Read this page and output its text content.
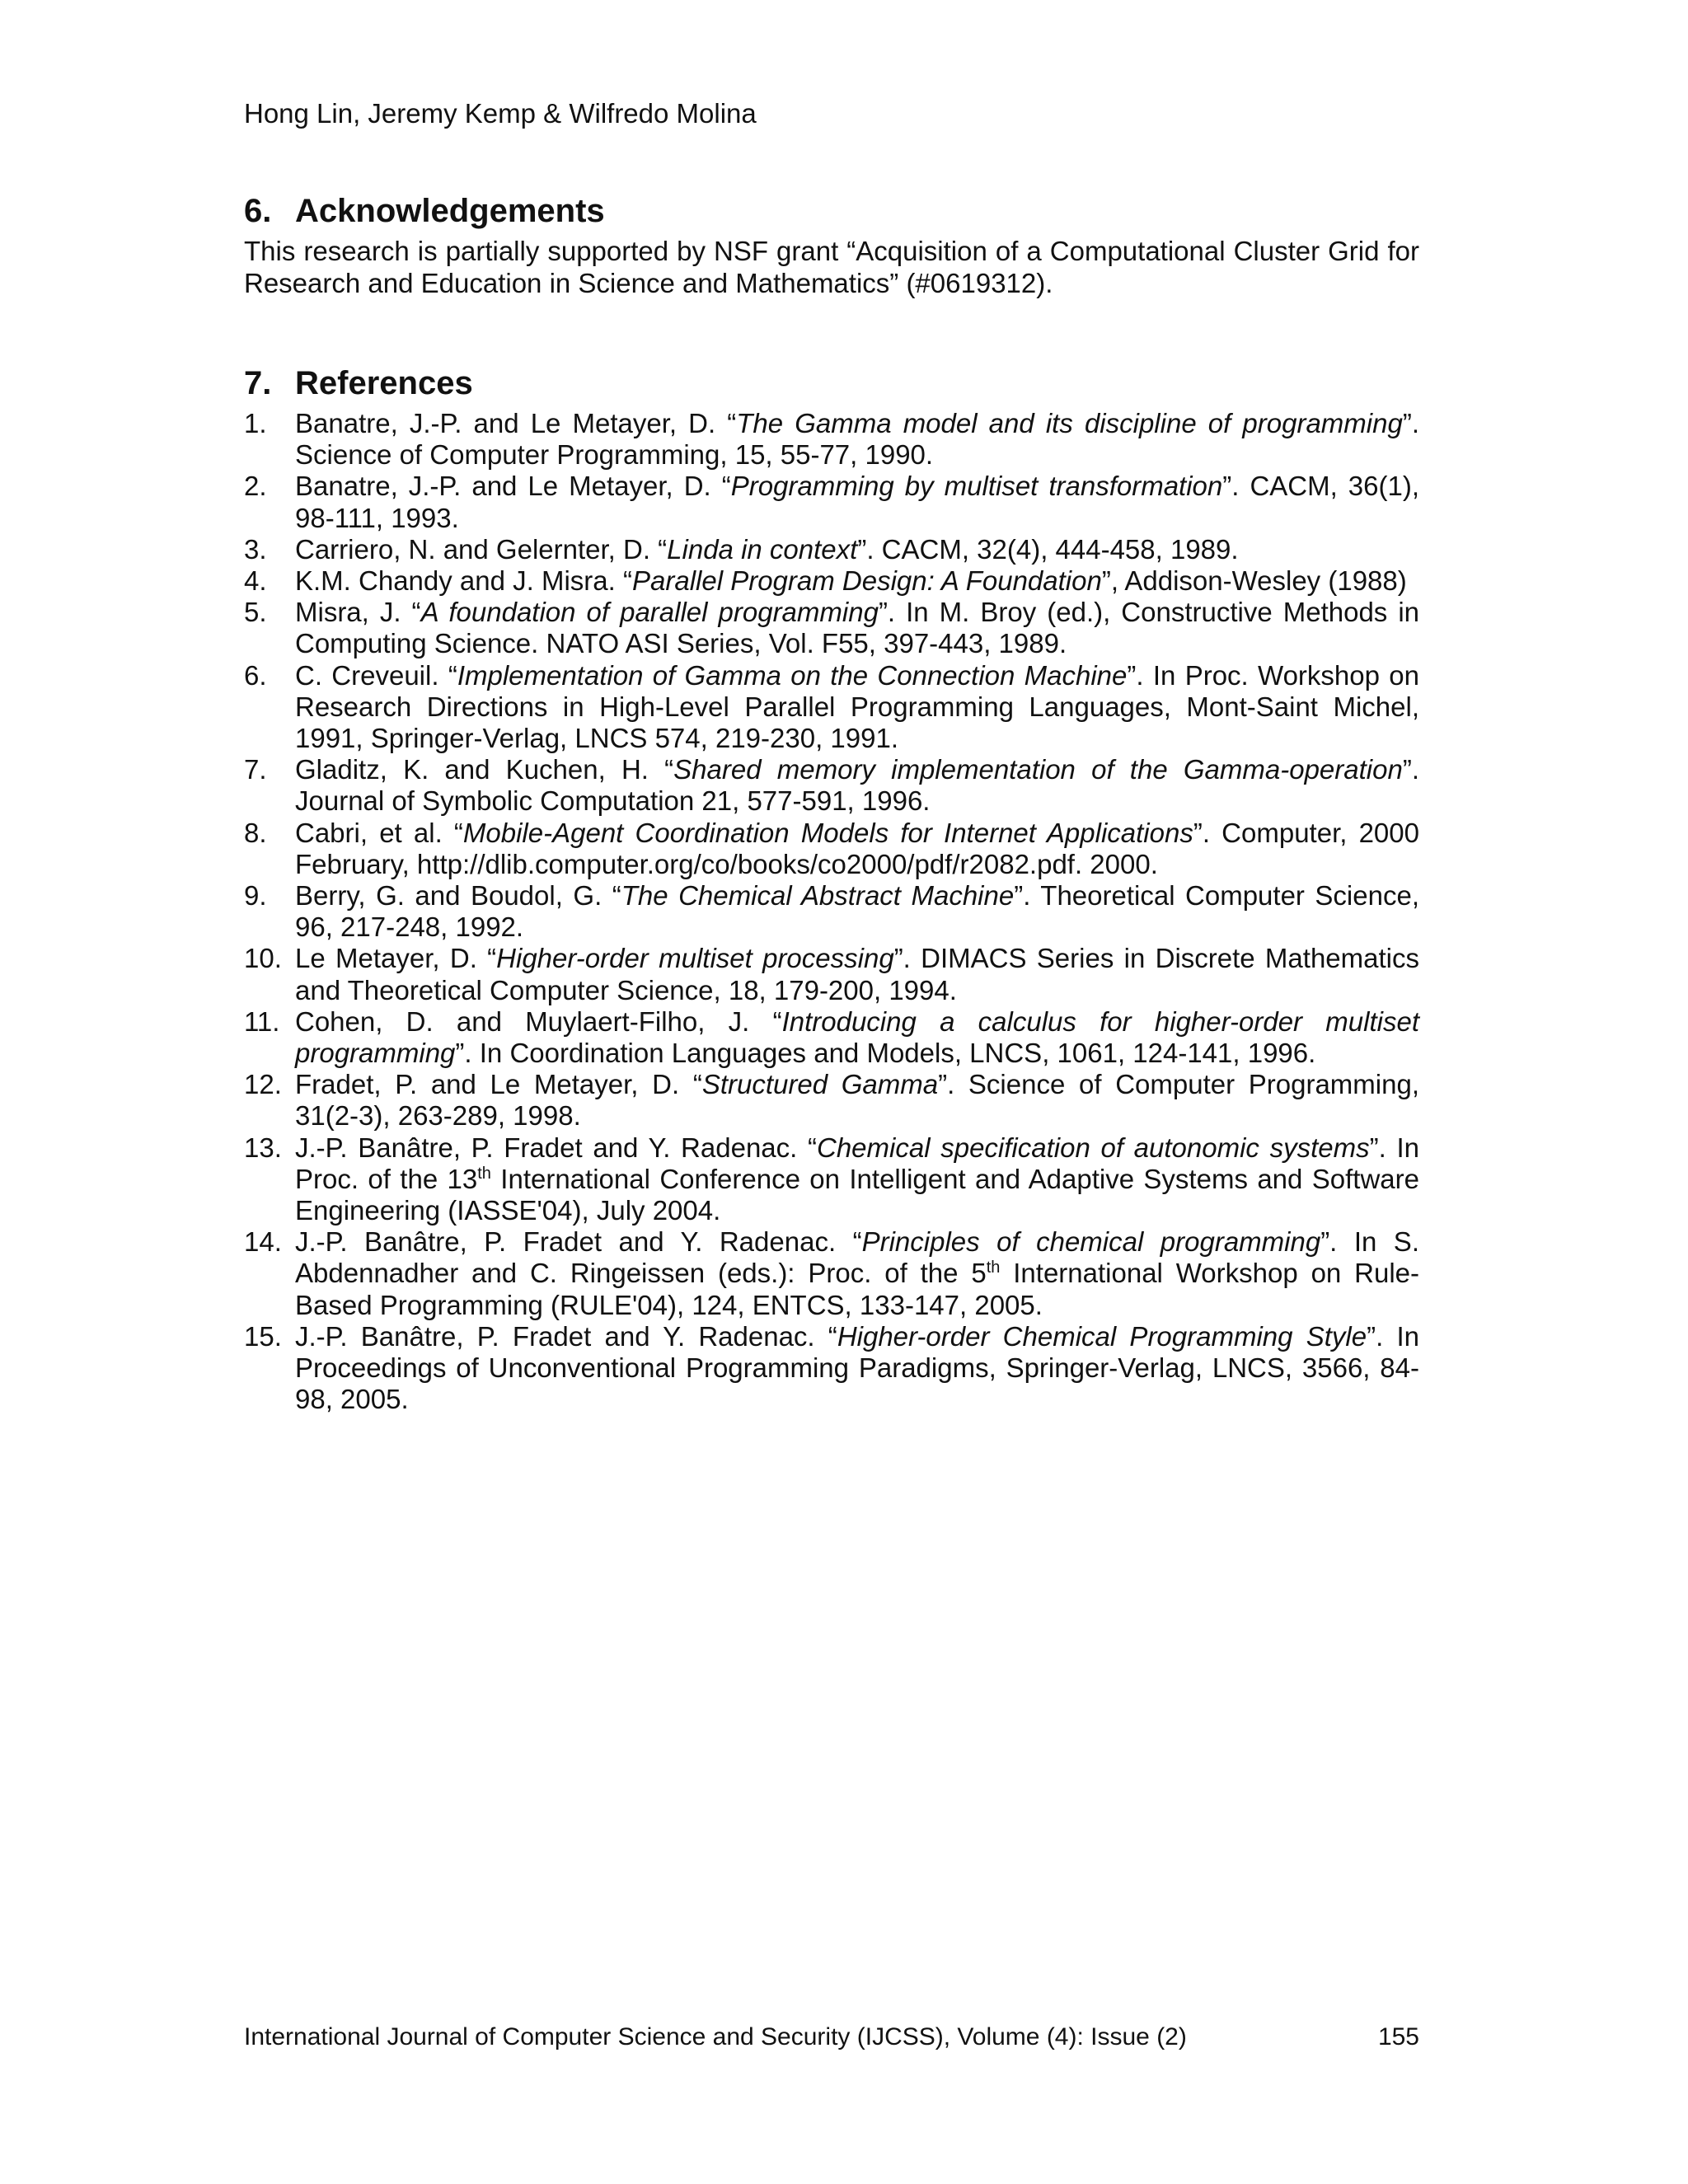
Hong Lin, Jeremy Kemp & Wilfredo Molina
6. Acknowledgements

This research is partially supported by NSF grant “Acquisition of a Computational Cluster Grid for Research and Education in Science and Mathematics” (#0619312).

7. References
1.	Banatre, J.-P. and Le Metayer, D. “The Gamma model and its discipline of programming”. Science of Computer Programming, 15, 55-77, 1990.
2.	Banatre, J.-P. and Le Metayer, D. “Programming by multiset transformation”. CACM, 36(1), 98-111, 1993.
3.	Carriero, N. and Gelernter, D. “Linda in context”. CACM, 32(4), 444-458, 1989.
4.	K.M. Chandy and J. Misra. “Parallel Program Design: A Foundation”, Addison-Wesley (1988)
5.	Misra, J. “A foundation of parallel programming”. In M. Broy (ed.), Constructive Methods in Computing Science. NATO ASI Series, Vol. F55, 397-443, 1989.
6.	C. Creveuil. “Implementation of Gamma on the Connection Machine”. In Proc. Workshop on Research Directions in High-Level Parallel Programming Languages, Mont-Saint Michel, 1991, Springer-Verlag, LNCS 574, 219-230, 1991.
7.	Gladitz, K. and Kuchen, H. “Shared memory implementation of the Gamma-operation”. Journal of Symbolic Computation 21, 577-591, 1996.
8.	Cabri, et al. “Mobile-Agent Coordination Models for Internet Applications”. Computer, 2000 February, http://dlib.computer.org/co/books/co2000/pdf/r2082.pdf. 2000.
9.	Berry, G. and Boudol, G. “The Chemical Abstract Machine”. Theoretical Computer Science, 96, 217-248, 1992.
10. Le Metayer, D. “Higher-order multiset processing”. DIMACS Series in Discrete Mathematics and Theoretical Computer Science, 18, 179-200, 1994.
11. Cohen, D. and Muylaert-Filho, J. “Introducing a calculus for higher-order multiset programming”. In Coordination Languages and Models, LNCS, 1061, 124-141, 1996.
12. Fradet, P. and Le Metayer, D. “Structured Gamma”. Science of Computer Programming, 31(2-3), 263-289, 1998.
13. J.-P. Banâtre, P. Fradet and Y. Radenac. “Chemical specification of autonomic systems”. In Proc. of the 13th International Conference on Intelligent and Adaptive Systems and Software Engineering (IASSE'04), July 2004.
14. J.-P. Banâtre, P. Fradet and Y. Radenac. “Principles of chemical programming”. In S. Abdennadher and C. Ringeissen (eds.): Proc. of the 5th International Workshop on Rule-Based Programming (RULE'04), 124, ENTCS, 133-147, 2005.
15. J.-P. Banâtre, P. Fradet and Y. Radenac. “Higher-order Chemical Programming Style”. In Proceedings of Unconventional Programming Paradigms, Springer-Verlag, LNCS, 3566, 84-98, 2005.
International Journal of Computer Science and Security (IJCSS), Volume (4): Issue (2)	155
